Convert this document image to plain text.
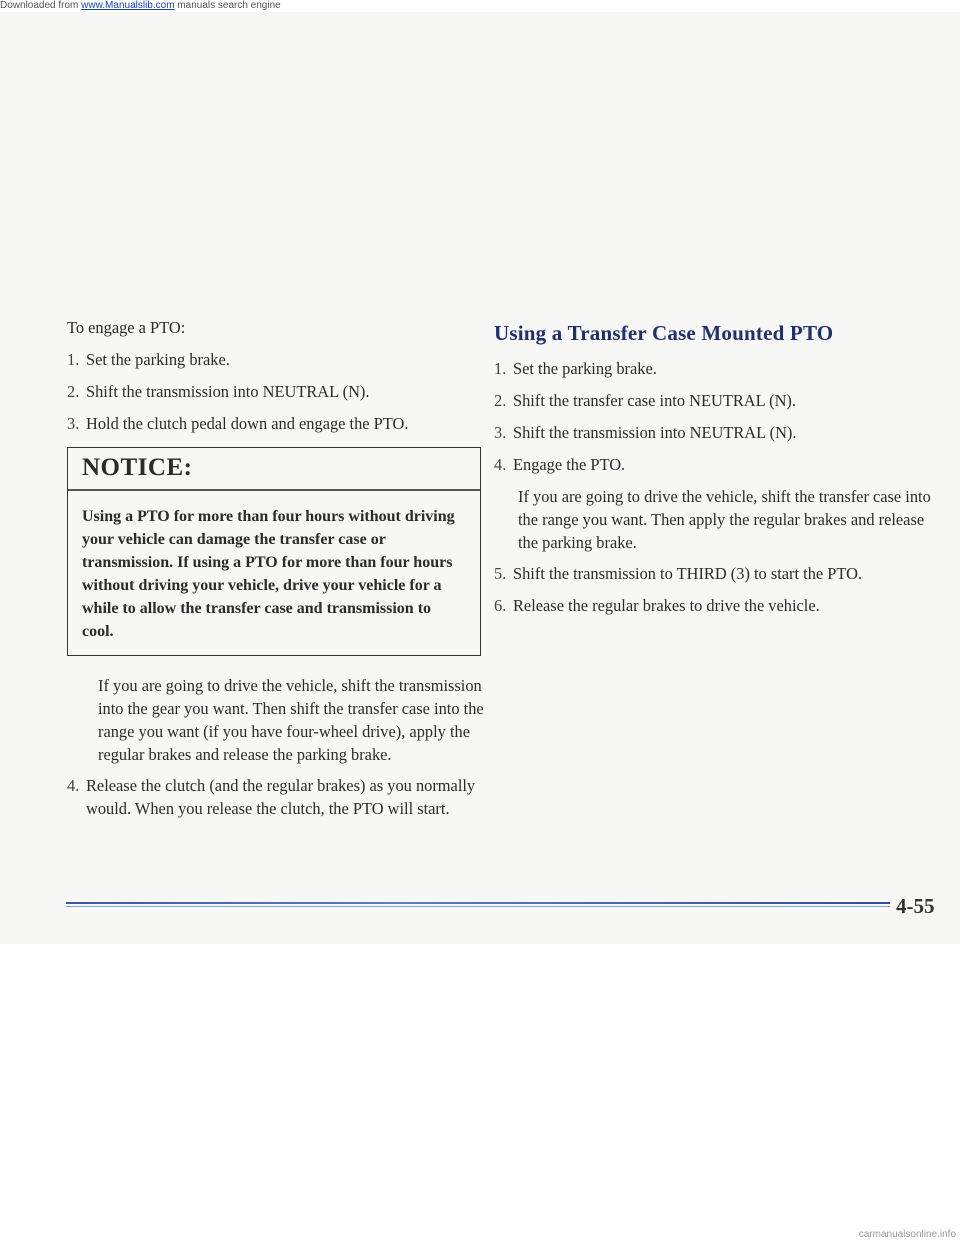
Downloaded from www.Manualslib.com manuals search engine

To engage a PTO:

1. Set the parking brake.
2. Shift the transmission into NEUTRAL (N).
3. Hold the clutch pedal down and engage the PTO.
NOTICE:
Using a PTO for more than four hours without driving your vehicle can damage the transfer case or transmission. If using a PTO for more than four hours without driving your vehicle, drive your vehicle for a while to allow the transfer case and transmission to cool.

If you are going to drive the vehicle, shift the transmission into the gear you want. Then shift the transfer case into the range you want (if you have four-wheel drive), apply the regular brakes and release the parking brake.

4. Release the clutch (and the regular brakes) as you normally would. When you release the clutch, the PTO will start.
Using a Transfer Case Mounted PTO
1. Set the parking brake.
2. Shift the transfer case into NEUTRAL (N).
3. Shift the transmission into NEUTRAL (N).
4. Engage the PTO.

If you are going to drive the vehicle, shift the transfer case into the range you want. Then apply the regular brakes and release the parking brake.

5. Shift the transmission to THIRD (3) to start the PTO.
6. Release the regular brakes to drive the vehicle.
4-55
carmanualsonline.info
